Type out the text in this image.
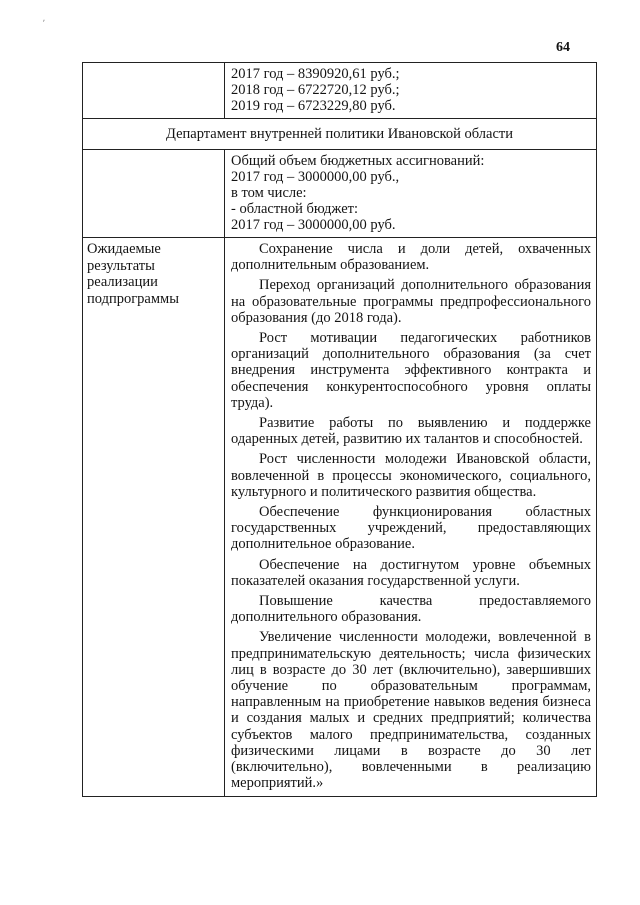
ʹ
64
2017 год – 8390920,61 руб.;
2018 год – 6722720,12 руб.;
2019 год – 6723229,80 руб.
Департамент внутренней политики Ивановской области
Общий объем бюджетных ассигнований:
2017 год – 3000000,00 руб.,
в том числе:
- областной бюджет:
2017 год – 3000000,00 руб.
Ожидаемые результаты реализации подпрограммы

Сохранение числа и доли детей, охваченных дополнительным образованием.

Переход организаций дополнительного образования на образовательные программы предпрофессионального образования (до 2018 года).

Рост мотивации педагогических работников организаций дополнительного образования (за счет внедрения инструмента эффективного контракта и обеспечения конкурентоспособного уровня оплаты труда).

Развитие работы по выявлению и поддержке одаренных детей, развитию их талантов и способностей.

Рост численности молодежи Ивановской области, вовлеченной в процессы экономического, социального, культурного и политического развития общества.

Обеспечение функционирования областных государственных учреждений, предоставляющих дополнительное образование.

Обеспечение на достигнутом уровне объемных показателей оказания государственной услуги.

Повышение качества предоставляемого дополнительного образования.

Увеличение численности молодежи, вовлеченной в предпринимательскую деятельность; числа физических лиц в возрасте до 30 лет (включительно), завершивших обучение по образовательным программам, направленным на приобретение навыков ведения бизнеса и создания малых и средних предприятий; количества субъектов малого предпринимательства, созданных физическими лицами в возрасте до 30 лет (включительно), вовлеченными в реализацию мероприятий.»
